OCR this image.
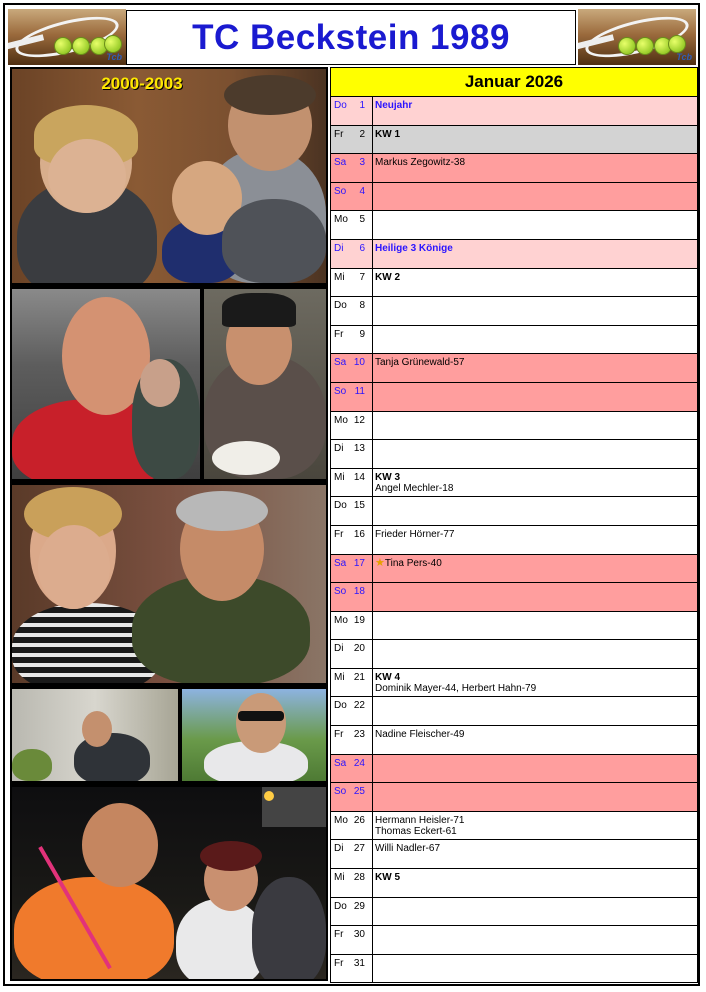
Tcb
TC Beckstein 1989
Tcb
2000-2003	Januar 2026
Do 1 Neujahr
Fr 2 KW 1
Sa 3 Markus Zegowitz-38
So 4
Mo 5
Di 6 Heilige 3 Könige
Mi 7 KW 2
Do 8
Fr 9
Sa 10 Tanja Grünewald-57
So 11
Mo 12
Di 13
Mi 14 KW 3
Angel Mechler-18
Do 15
Fr 16 Frieder Hörner-77
Sa 17 ★Tina Pers-40
So 18
Mo 19
Di 20
Mi 21 KW 4
Dominik Mayer-44, Herbert Hahn-79
Do 22
Fr 23 Nadine Fleischer-49
Sa 24
So 25
Mo 26 Hermann Heisler-71
Thomas Eckert-61
Di 27 Willi Nadler-67
Mi 28 KW 5
Do 29
Fr 30
Fr 31
